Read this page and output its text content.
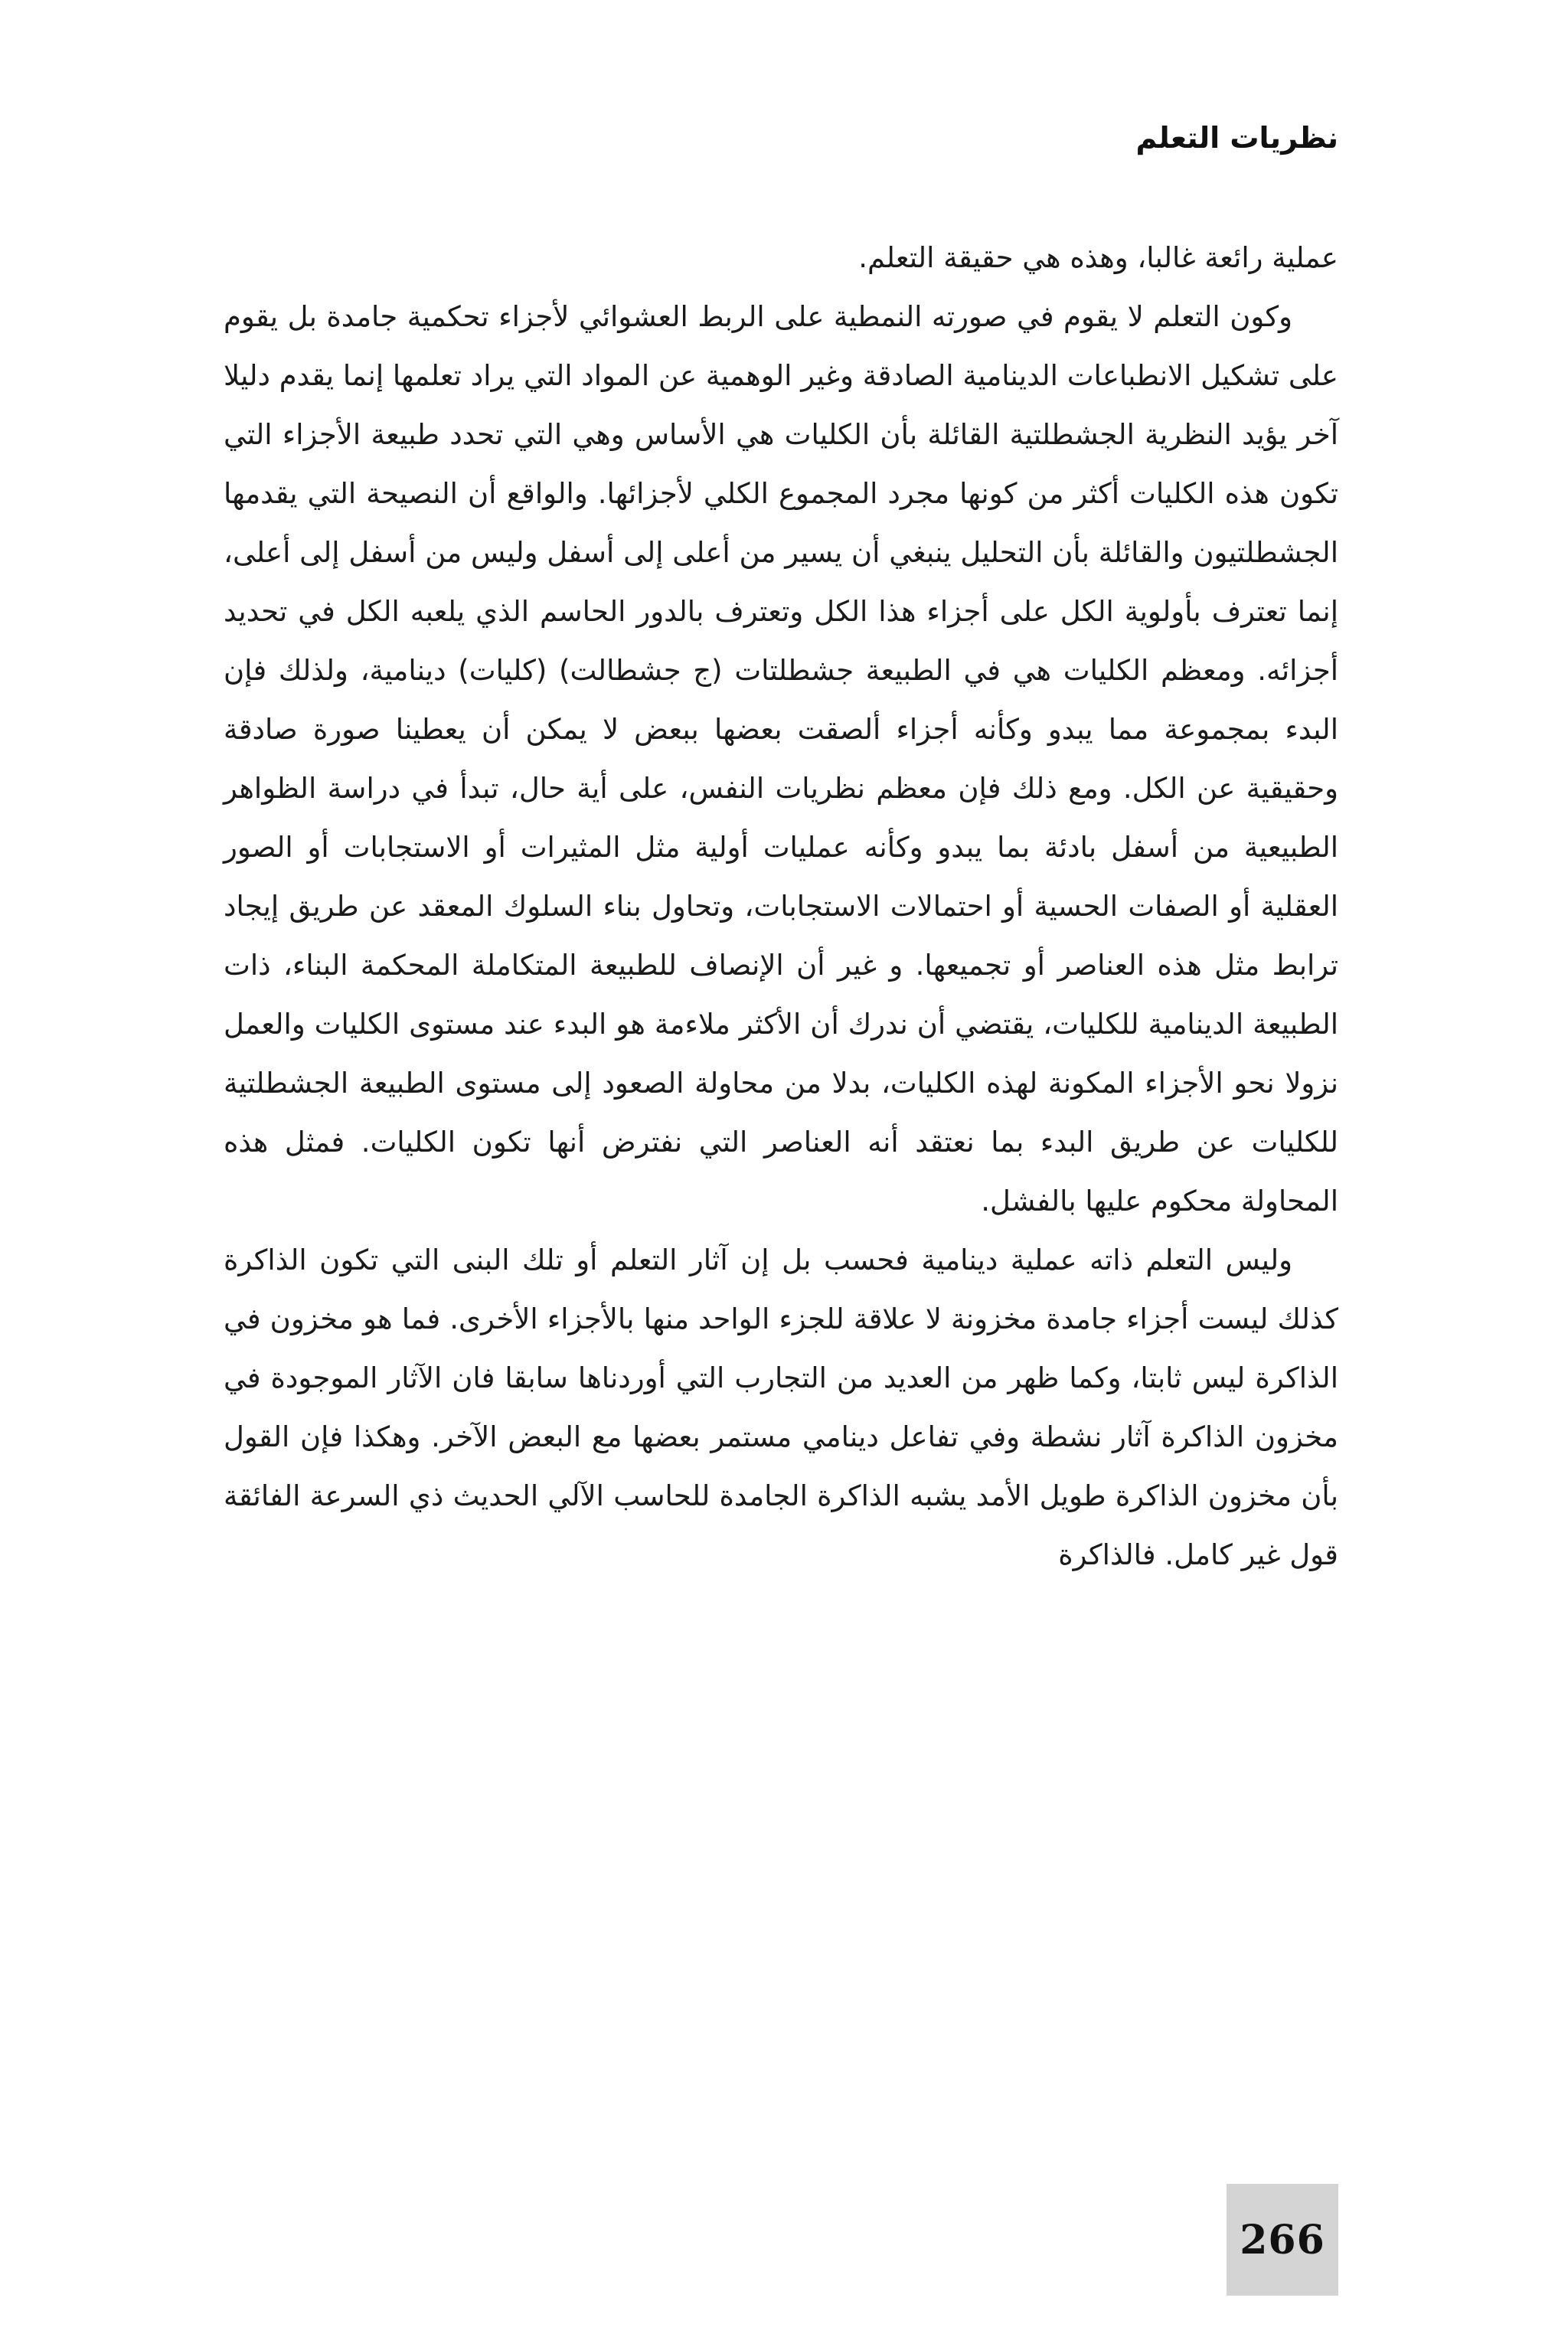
نظريات التعلم

عملية رائعة غالبا، وهذه هي حقيقة التعلم.

وكون التعلم لا يقوم في صورته النمطية على الربط العشوائي لأجزاء تحكمية جامدة بل يقوم على تشكيل الانطباعات الدينامية الصادقة وغير الوهمية عن المواد التي يراد تعلمها إنما يقدم دليلا آخر يؤيد النظرية الجشطلتية القائلة بأن الكليات هي الأساس وهي التي تحدد طبيعة الأجزاء التي تكون هذه الكليات أكثر من كونها مجرد المجموع الكلي لأجزائها. والواقع أن النصيحة التي يقدمها الجشطلتيون والقائلة بأن التحليل ينبغي أن يسير من أعلى إلى أسفل وليس من أسفل إلى أعلى، إنما تعترف بأولوية الكل على أجزاء هذا الكل وتعترف بالدور الحاسم الذي يلعبه الكل في تحديد أجزائه. ومعظم الكليات هي في الطبيعة جشطلتات (ج جشطالت) (كليات) دينامية، ولذلك فإن البدء بمجموعة مما يبدو وكأنه أجزاء ألصقت بعضها ببعض لا يمكن أن يعطينا صورة صادقة وحقيقية عن الكل. ومع ذلك فإن معظم نظريات النفس، على أية حال، تبدأ في دراسة الظواهر الطبيعية من أسفل بادئة بما يبدو وكأنه عمليات أولية مثل المثيرات أو الاستجابات أو الصور العقلية أو الصفات الحسية أو احتمالات الاستجابات، وتحاول بناء السلوك المعقد عن طريق إيجاد ترابط مثل هذه العناصر أو تجميعها. و غير أن الإنصاف للطبيعة المتكاملة المحكمة البناء، ذات الطبيعة الدينامية للكليات، يقتضي أن ندرك أن الأكثر ملاءمة هو البدء عند مستوى الكليات والعمل نزولا نحو الأجزاء المكونة لهذه الكليات، بدلا من محاولة الصعود إلى مستوى الطبيعة الجشطلتية للكليات عن طريق البدء بما نعتقد أنه العناصر التي نفترض أنها تكون الكليات. فمثل هذه المحاولة محكوم عليها بالفشل.

وليس التعلم ذاته عملية دينامية فحسب بل إن آثار التعلم أو تلك البنى التي تكون الذاكرة كذلك ليست أجزاء جامدة مخزونة لا علاقة للجزء الواحد منها بالأجزاء الأخرى. فما هو مخزون في الذاكرة ليس ثابتا، وكما ظهر من العديد من التجارب التي أوردناها سابقا فان الآثار الموجودة في مخزون الذاكرة آثار نشطة وفي تفاعل دينامي مستمر بعضها مع البعض الآخر. وهكذا فإن القول بأن مخزون الذاكرة طويل الأمد يشبه الذاكرة الجامدة للحاسب الآلي الحديث ذي السرعة الفائقة قول غير كامل. فالذاكرة

266
